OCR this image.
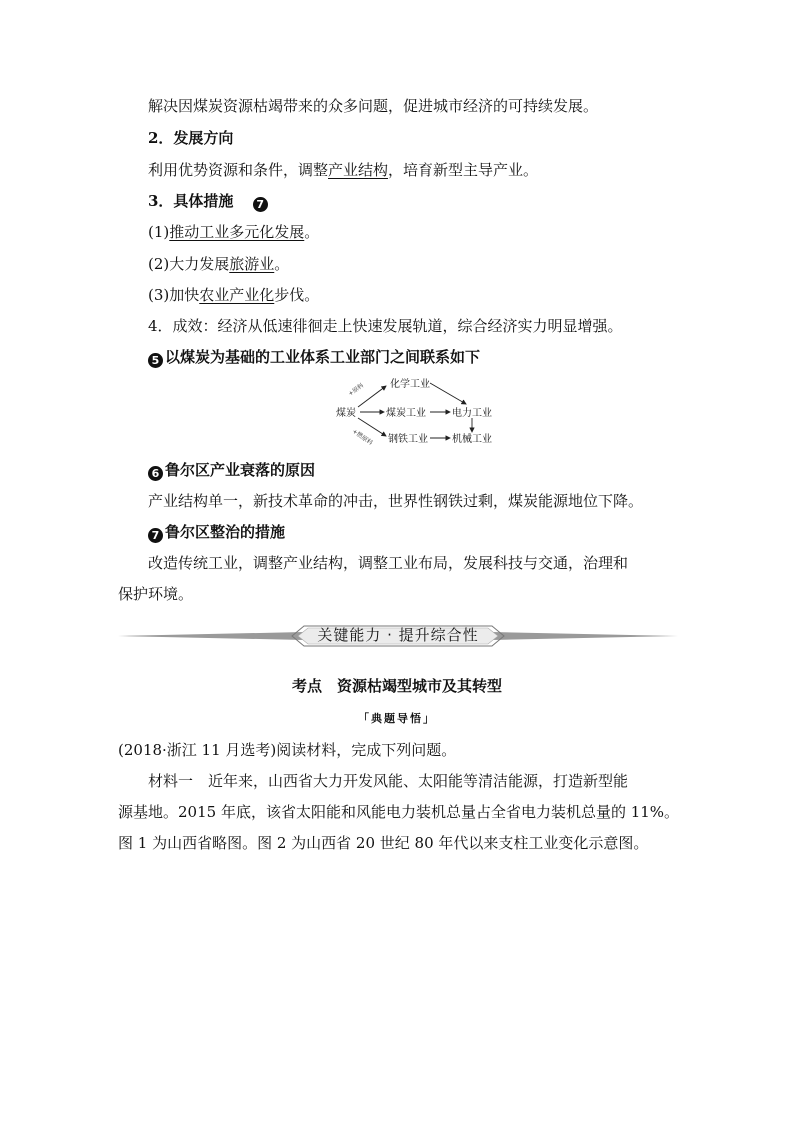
解决因煤炭资源枯竭带来的众多问题，促进城市经济的可持续发展。
2．发展方向
利用优势资源和条件，调整产业结构，培育新型主导产业。
3．具体措施 7
(1)推动工业多元化发展。
(2)大力发展旅游业。
(3)加快农业产业化步伐。
4．成效：经济从低速徘徊走上快速发展轨道，综合经济实力明显增强。
5 以煤炭为基础的工业体系工业部门之间联系如下
煤炭
化学工业
煤炭工业	电力工业
钢铁工业 机械工业
+原料
+燃原料
6 鲁尔区产业衰落的原因
产业结构单一，新技术革命的冲击，世界性钢铁过剩，煤炭能源地位下降。
7 鲁尔区整治的措施
改造传统工业，调整产业结构，调整工业布局，发展科技与交通，治理和
保护环境。
关键能力 · 提升综合性
考点　资源枯竭型城市及其转型
「典题导悟」
(2018·浙江 11 月选考)阅读材料，完成下列问题。
材料一　近年来，山西省大力开发风能、太阳能等清洁能源，打造新型能
源基地。2015 年底，该省太阳能和风能电力装机总量占全省电力装机总量的 11%。
图 1 为山西省略图。图 2 为山西省 20 世纪 80 年代以来支柱工业变化示意图。
